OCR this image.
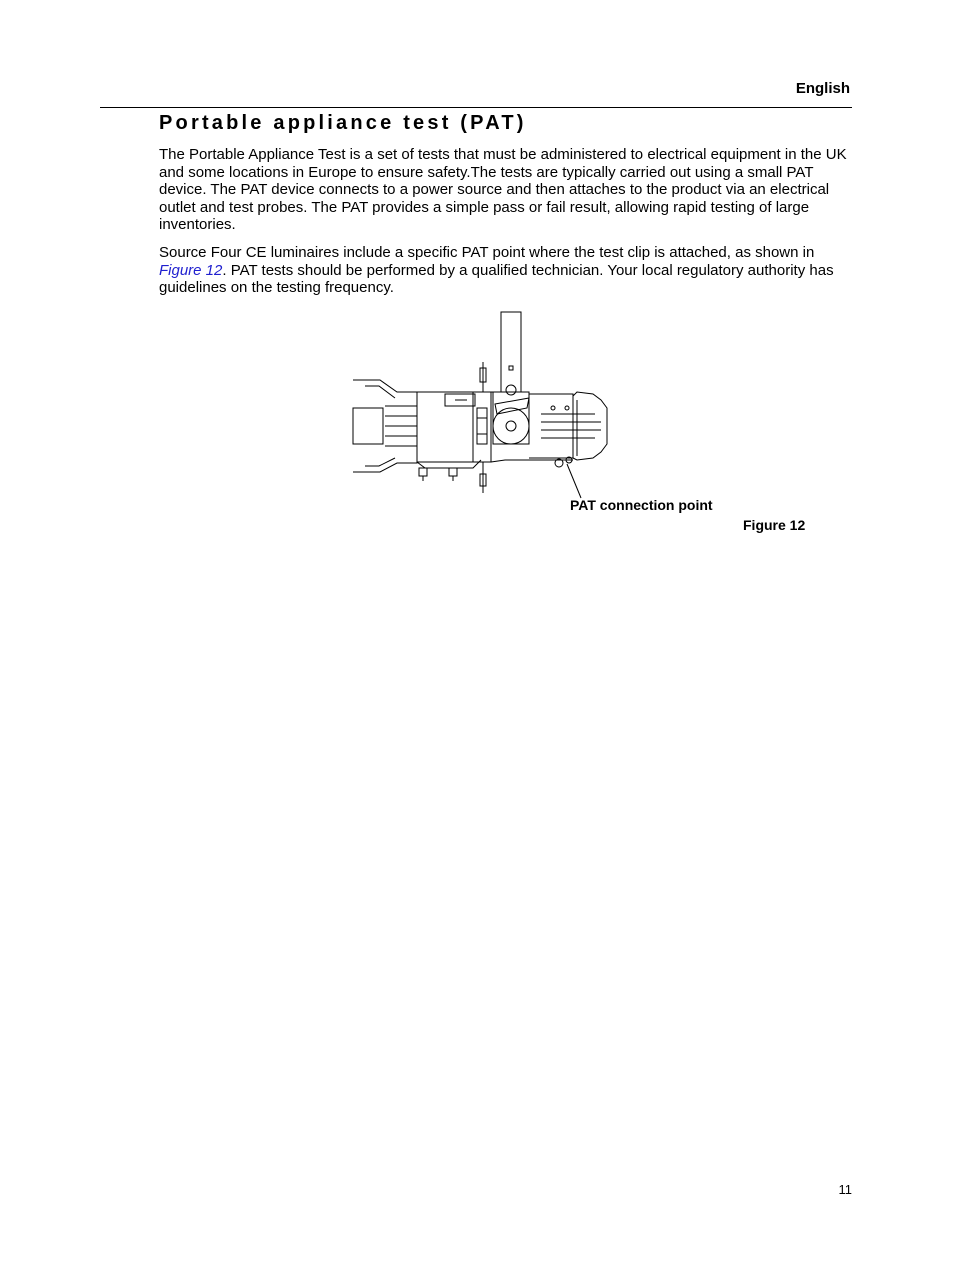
English
Portable appliance test (PAT)

The Portable Appliance Test is a set of tests that must be administered to electrical equipment in the UK and some locations in Europe to ensure safety.The tests are typically carried out using a small PAT device. The PAT device connects to a power source and then attaches to the product via an electrical outlet and test probes. The PAT provides a simple pass or fail result, allowing rapid testing of large inventories.

Source Four CE luminaires include a specific PAT point where the test clip is attached, as shown in Figure 12. PAT tests should be performed by a qualified technician. Your local regulatory authority has guidelines on the testing frequency.

PAT connection point
Figure 12
11
